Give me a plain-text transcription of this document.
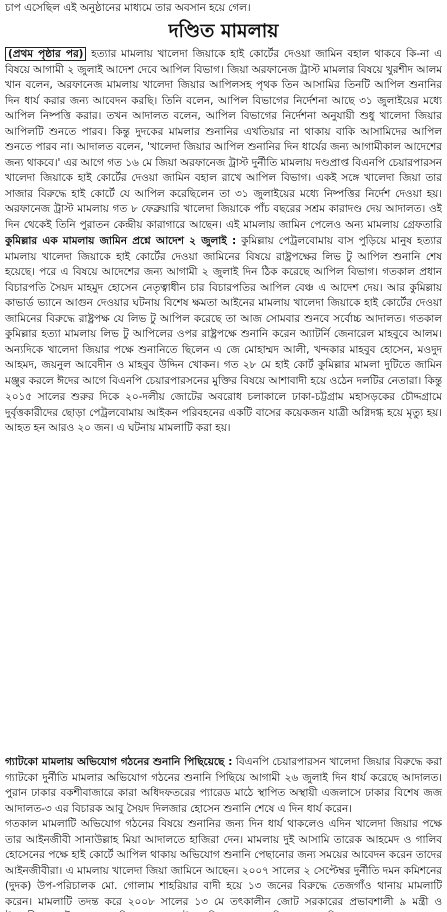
চাপ এসেছিল এই অনুষ্ঠানের মাধ্যমে তার অবসান হয়ে গেল।
দণ্ডিত মামলায়

(প্রথম পৃষ্ঠার পর) হত্যার মামলায় খালেদা জিয়াকে হাই কোর্টের দেওয়া জামিন বহাল থাকবে কি-না এ বিষয়ে আগামী ২ জুলাই আদেশ দেবে আপিল বিভাগ। জিয়া অরফানেজ ট্রাস্ট মামলার বিষয়ে খুরশীদ আলম খান বলেন, অরফানেজ মামলায় খালেদা জিয়ার আপিলসহ পৃথক তিন আসামির তিনটি আপিল শুনানির দিন ধার্য করার জন্য আবেদন করছি। তিনি বলেন, আপিল বিভাগের নির্দেশনা আছে ৩১ জুলাইয়ের মধ্যে আপিল নিষ্পত্তি করার। তখন আদালত বলেন, আপিল বিভাগের নির্দেশনা অনুযায়ী শুধু খালেদা জিয়ার আপিলটি শুনতে পারব। কিন্তু দুদকের মামলার শুনানির এখতিয়ার না থাকায় বাকি আসামিদের আপিল শুনতে পারব না। আদালত বলেন, 'খালেদা জিয়ার আপিল শুনানির দিন ধার্যের জন্য আগামীকাল আদেশের জন্য থাকবে।' এর আগে গত ১৬ মে জিয়া অরফানেজ ট্রাস্ট দুর্নীতি মামলায় দণ্ডপ্রাপ্ত বিএনপি চেয়ারপারসন খালেদা জিয়াকে হাই কোর্টের দেওয়া জামিন বহাল রাখে আপিল বিভাগ। একই সঙ্গে খালেদা জিয়া তার সাজার বিরুদ্ধে হাই কোর্টে যে আপিল করেছিলেন তা ৩১ জুলাইয়ের মধ্যে নিষ্পত্তির নির্দেশ দেওয়া হয়। অরফানেজ ট্রাস্ট মামলায় গত ৮ ফেব্রুয়ারি খালেদা জিয়াকে পাঁচ বছরের সশ্রম কারাদণ্ড দেয় আদালত। ওই দিন থেকেই তিনি পুরাতন কেন্দ্রীয় কারাগারে আছেন। এই মামলায় জামিন পেলেও অন্য মামলায় গ্রেফতারি

কুমিল্লার এক মামলায় জামিন প্রশ্নে আদেশ ২ জুলাই : কুমিল্লায় পেট্রলবোমায় বাস পুড়িয়ে মানুষ হত্যার মামলায় খালেদা জিয়াকে হাই কোর্টের দেওয়া জামিনের বিষয়ে রাষ্ট্রপক্ষের লিভ টু আপিল শুনানি শেষ হয়েছে। পরে এ বিষয়ে আদেশের জন্য আগামী ২ জুলাই দিন ঠিক করেছে আপিল বিভাগ। গতকাল প্রধান বিচারপতি সৈয়দ মাহমুদ হোসেন নেতৃত্বাধীন চার বিচারপতির আপিল বেঞ্চ এ আদেশ দেয়। আর কুমিল্লায় কাভার্ড ভ্যানে আগুন দেওয়ার ঘটনায় বিশেষ ক্ষমতা আইনের মামলায় খালেদা জিয়াকে হাই কোর্টের দেওয়া জামিনের বিরুদ্ধে রাষ্ট্রপক্ষ যে লিভ টু আপিল করেছে তা আজ সোমবার শুনবে সর্বোচ্চ আদালত। গতকাল কুমিল্লার হত্যা মামলায় লিভ টু আপিলের ওপর রাষ্ট্রপক্ষে শুনানি করেন অ্যাটর্নি জেনারেল মাহবুবে আলম। অন্যদিকে খালেদা জিয়ার পক্ষে শুনানিতে ছিলেন এ জে মোহাম্মদ আলী, খন্দকার মাহবুব হোসেন, মওদুদ আহমদ, জয়নুল আবেদীন ও মাহবুব উদ্দিন খোকন। গত ২৮ মে হাই কোর্ট কুমিল্লার মামলা দুটিতে জামিন মঞ্জুর করলে ঈদের আগে বিএনপি চেয়ারপারসনের মুক্তির বিষয়ে আশাবাদী হয়ে ওঠেন দলটির নেতারা। কিন্তু

২০১৫ সালের শুরুর দিকে ২০-দলীয় জোটের অবরোধ চলাকালে ঢাকা-চট্টগ্রাম মহাসড়কের চৌদ্দগ্রামে দুর্বৃত্তকারীদের ছোড়া পেট্রলবোমায় আইকন পরিবহনের একটি বাসের কয়েকজন যাত্রী অগ্নিদগ্ধ হয়ে মৃত্যু হয়। আহত হন আরও ২০ জন। এ ঘটনায় মামলাটি করা হয়।

গ্যাটকো মামলায় অভিযোগ গঠনের শুনানি পিছিয়েছে : বিএনপি চেয়ারপারসন খালেদা জিয়ার বিরুদ্ধে করা গ্যাটকো দুর্নীতি মামলার অভিযোগ গঠনের শুনানি পিছিয়ে আগামী ২৬ জুলাই দিন ধার্য করেছে আদালত। পুরান ঢাকার বকশীবাজারে কারা অধিদফতরের প্যারেড মাঠে স্থাপিত অস্থায়ী এজলাসে ঢাকার বিশেষ জজ আদালত-৩ এর বিচারক আবু সৈয়দ দিলজার হোসেন শুনানি শেষে এ দিন ধার্য করেন।

গতকাল মামলাটি অভিযোগ গঠনের বিষয়ে শুনানির জন্য দিন ধার্য থাকলেও এদিন খালেদা জিয়ার পক্ষে তার আইনজীবী সানাউল্লাহ মিয়া আদালতে হাজিরা দেন। মামলায় দুই আসামি তারেক আহমেদ ও গালিব হোসেনের পক্ষে হাই কোর্টে আপিল থাকায় অভিযোগ শুনানি পেছানোর জন্য সময়ের আবেদন করেন তাদের আইনজীবীরা। এ মামলায় খালেদা জিয়া জামিনে আছেন। ২০০৭ সালের ২ সেপ্টেম্বর দুর্নীতি দমন কমিশনের (দুদক) উপ-পরিচালক মো. গোলাম শাহরিয়ার বাদী হয়ে ১৩ জনের বিরুদ্ধে তেজগাঁও থানায় মামলাটি করেন। মামলাটি তদন্ত করে ২০০৮ সালের ১৩ মে তৎকালীন জোট সরকারের প্রভাবশালী ৯ মন্ত্রী ও
